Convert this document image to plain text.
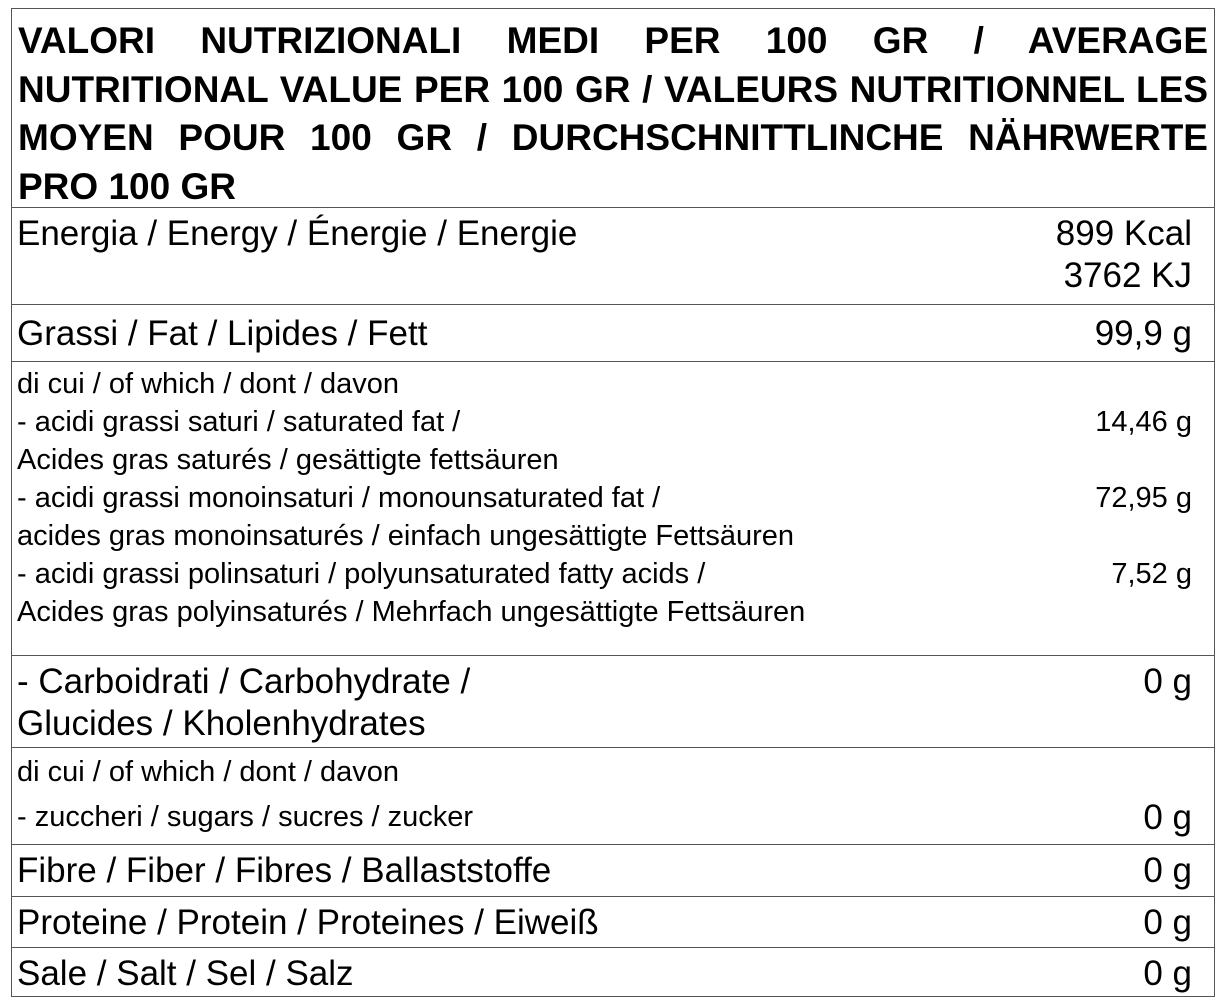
VALORI NUTRIZIONALI MEDI PER 100 GR / AVERAGE NUTRITIONAL VALUE PER 100 GR / VALEURS NUTRITIONNEL LES MOYEN POUR 100 GR / DURCHSCHNITTLINCHE NÄHRWERTE PRO 100 GR
Energia / Energy / Énergie / Energie	899 Kcal
3762 KJ
Grassi / Fat / Lipides / Fett	99,9 g
di cui / of which / dont / davon
- acidi grassi saturi / saturated fat /	14,46 g
Acides gras saturés / gesättigte fettsäuren
- acidi grassi monoinsaturi / monounsaturated fat /	72,95 g
acides gras monoinsaturés / einfach ungesättigte Fettsäuren
- acidi grassi polinsaturi / polyunsaturated fatty acids /	7,52 g
Acides gras polyinsaturés / Mehrfach ungesättigte Fettsäuren
- Carboidrati / Carbohydrate /	0 g
Glucides / Kholenhydrates
di cui / of which / dont / davon
- zuccheri / sugars / sucres / zucker	0 g
Fibre / Fiber / Fibres / Ballaststoffe	0 g
Proteine / Protein / Proteines / Eiweiß	0 g
Sale / Salt / Sel / Salz	0 g
